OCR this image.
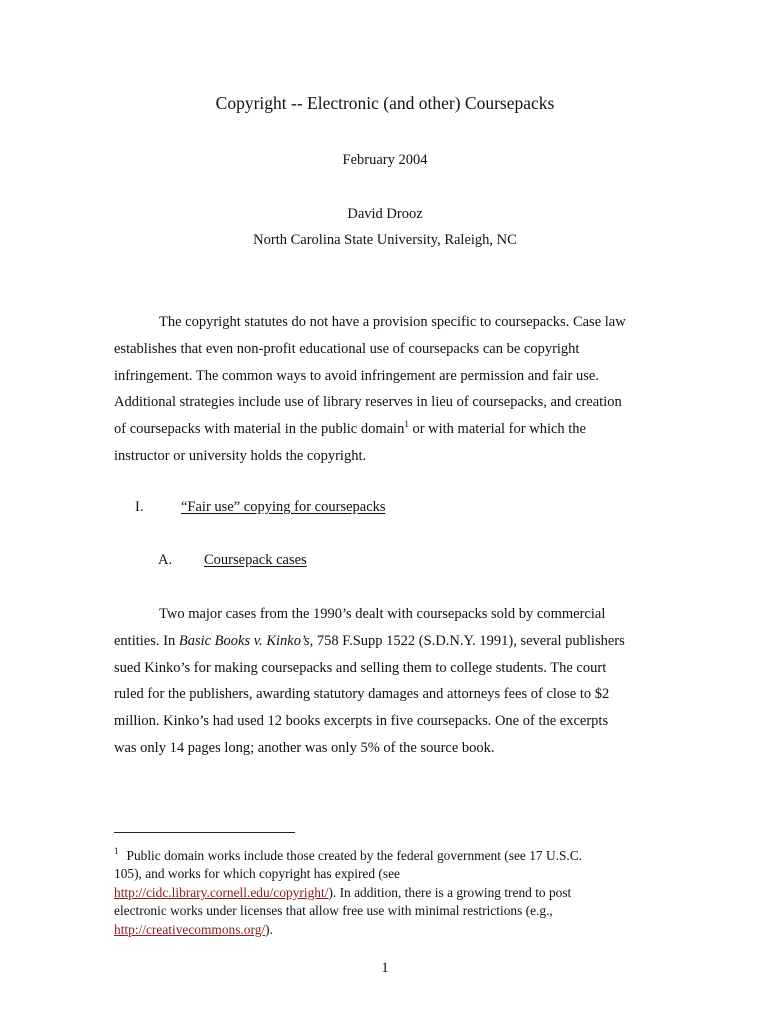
Copyright -- Electronic (and other) Coursepacks
February 2004
David Drooz
North Carolina State University, Raleigh, NC
The copyright statutes do not have a provision specific to coursepacks. Case law
establishes that even non-profit educational use of coursepacks can be copyright
infringement. The common ways to avoid infringement are permission and fair use.
Additional strategies include use of library reserves in lieu of coursepacks, and creation
of coursepacks with material in the public domain$^1$ or with material for which the
instructor or university holds the copyright.
I.	“Fair use” copying for coursepacks
A. Coursepack cases
Two major cases from the 1990’s dealt with coursepacks sold by commercial
entities. In Basic Books v. Kinko’s, 758 F.Supp 1522 (S.D.N.Y. 1991), several publishers
sued Kinko’s for making coursepacks and selling them to college students. The court
ruled for the publishers, awarding statutory damages and attorneys fees of close to $2
million. Kinko’s had used 12 books excerpts in five coursepacks. One of the excerpts
was only 14 pages long; another was only 5% of the source book.
$^1$ Public domain works include those created by the federal government (see 17 U.S.C.
105), and works for which copyright has expired (see
http://cidc.library.cornell.edu/copyright/). In addition, there is a growing trend to post
electronic works under licenses that allow free use with minimal restrictions (e.g.,
http://creativecommons.org/).
1
